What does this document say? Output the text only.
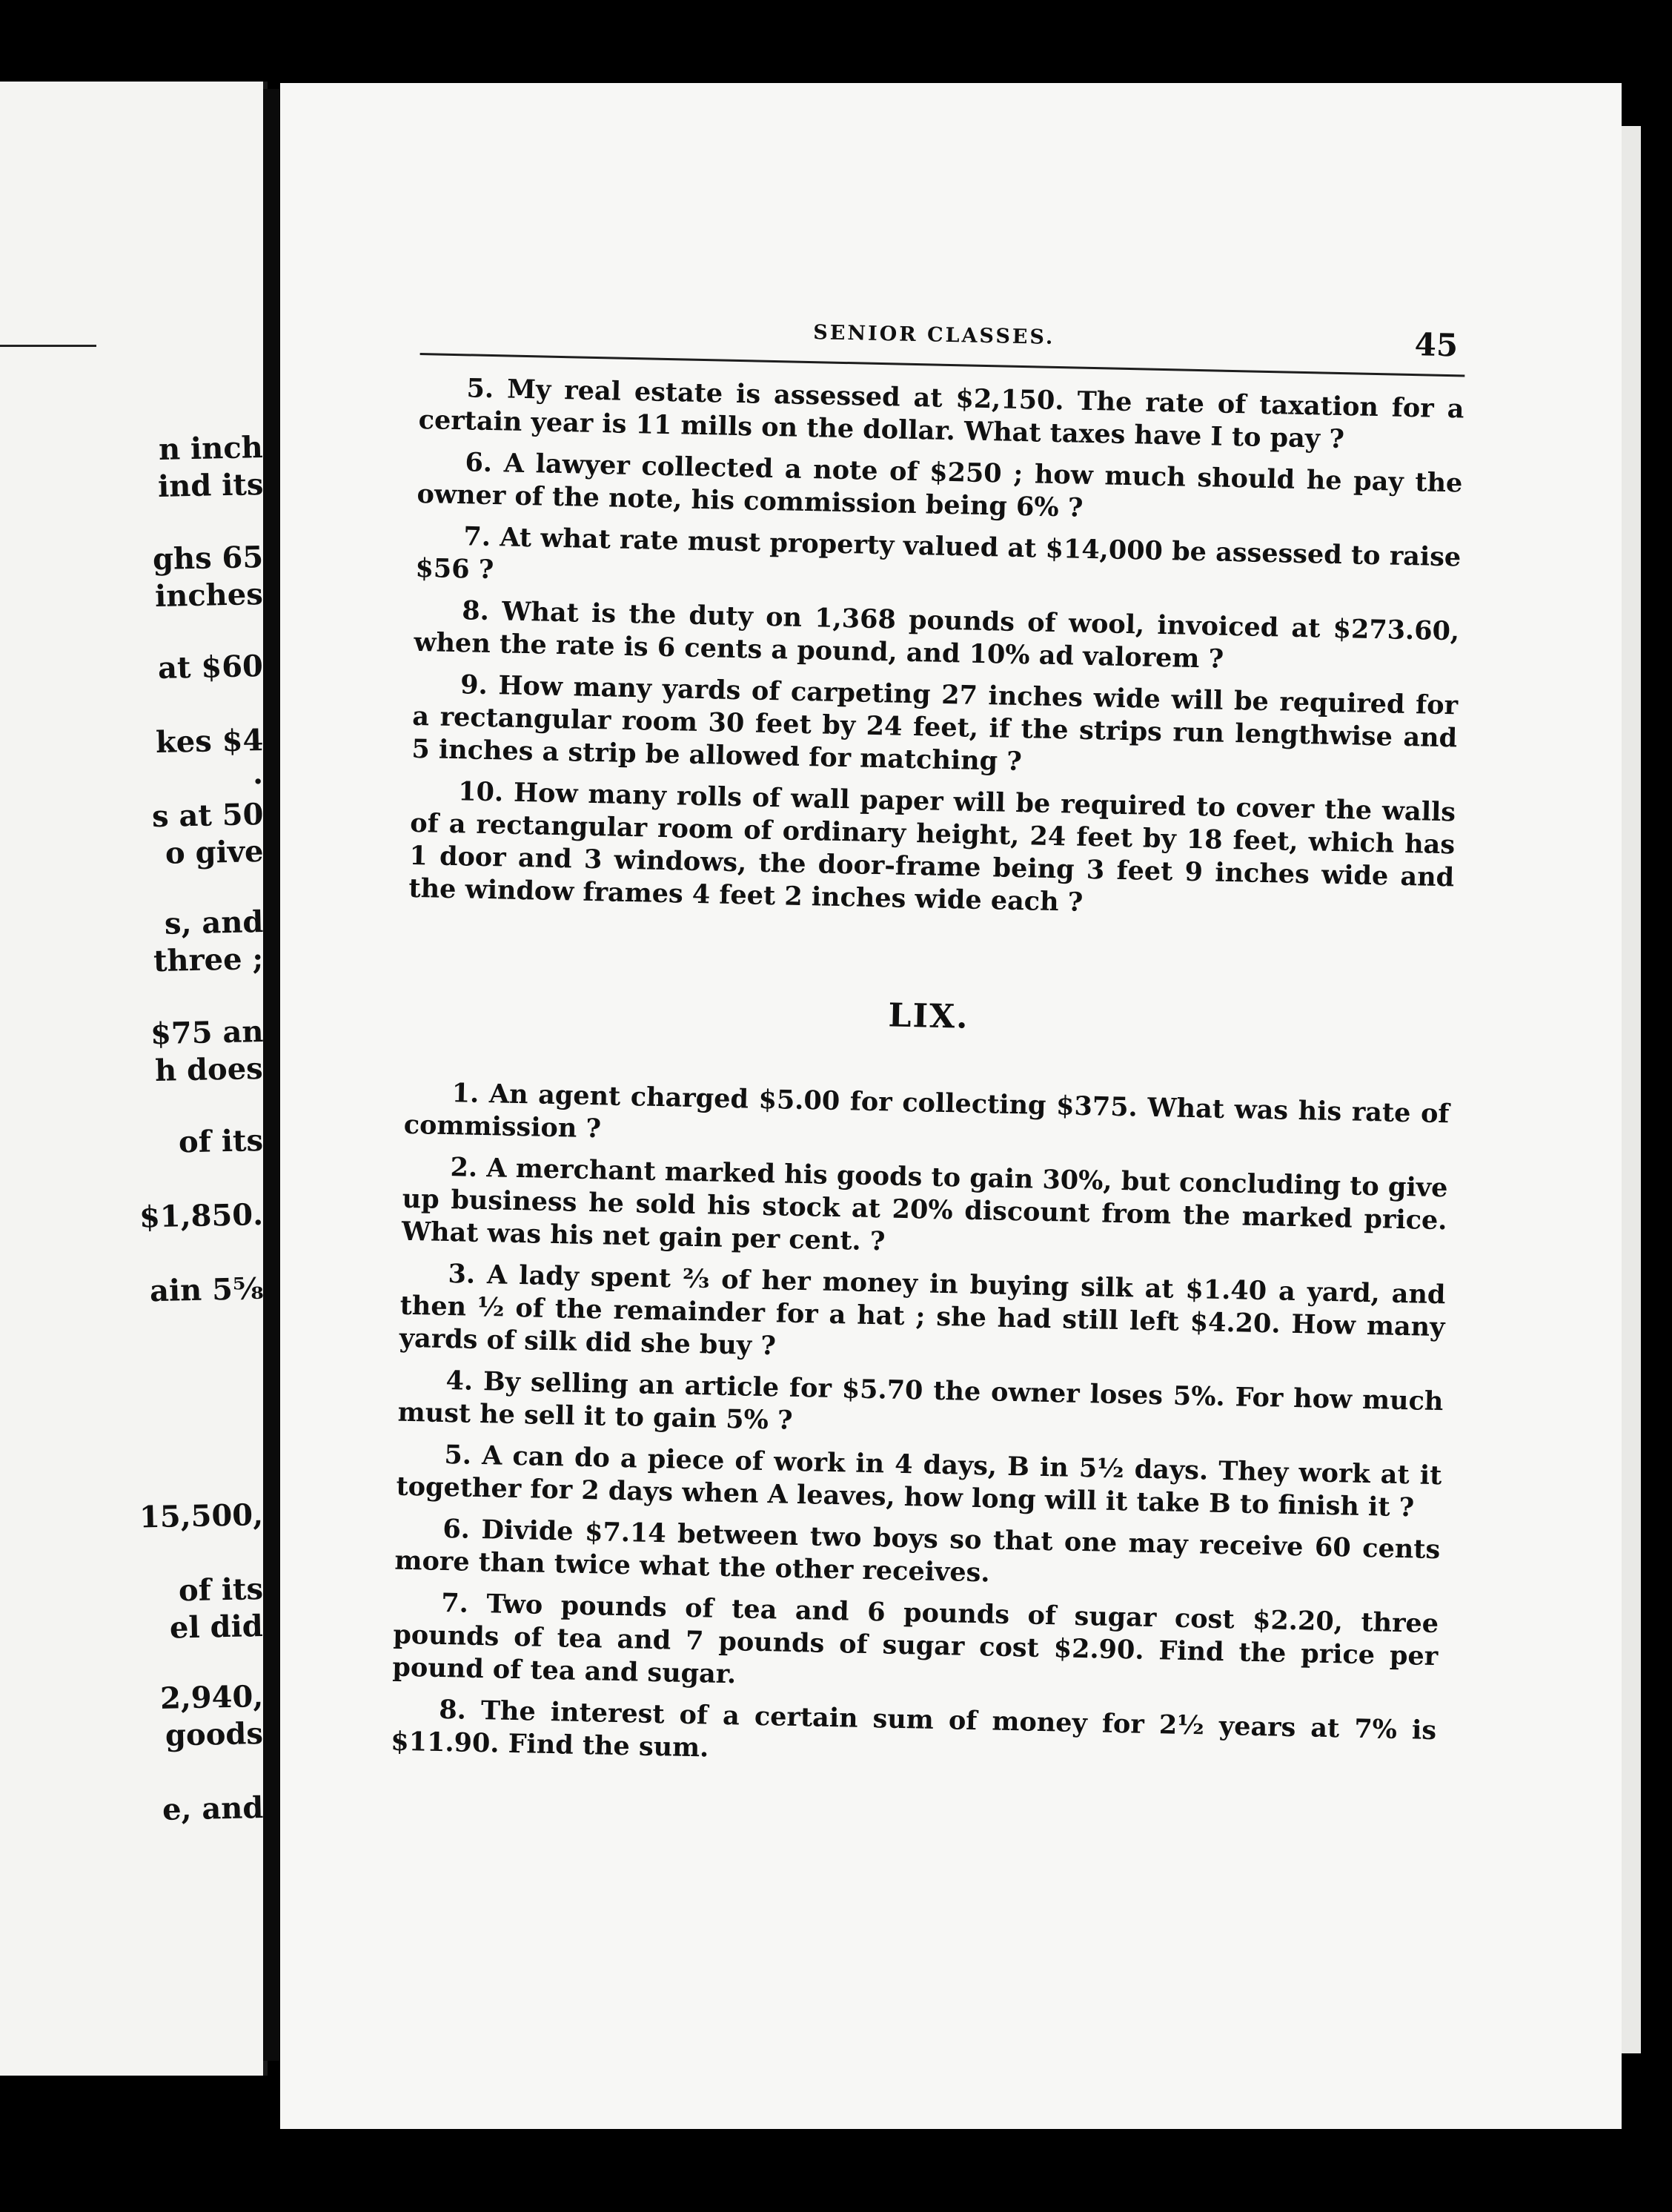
n inch
ind its
ghs 65
inches
at $60
kes $4
.
s at 50
o give
s, and
three ;
$75 an
h does
of its
$1,850.
ain 5⅝
15,500,
of its
el did
2,940,
goods
e, and
SENIOR CLASSES.	45

5. My real estate is assessed at $2,150. The rate of taxation for a certain year is 11 mills on the dollar. What taxes have I to pay ?

6. A lawyer collected a note of $250 ; how much should he pay the owner of the note, his commission being 6% ?

7. At what rate must property valued at $14,000 be assessed to raise $56 ?

8. What is the duty on 1,368 pounds of wool, invoiced at $273.60, when the rate is 6 cents a pound, and 10% ad valorem ?

9. How many yards of carpeting 27 inches wide will be required for a rectangular room 30 feet by 24 feet, if the strips run lengthwise and 5 inches a strip be allowed for matching ?

10. How many rolls of wall paper will be required to cover the walls of a rectangular room of ordinary height, 24 feet by 18 feet, which has 1 door and 3 windows, the door-frame being 3 feet 9 inches wide and the window frames 4 feet 2 inches wide each ?

LIX.

1. An agent charged $5.00 for collecting $375. What was his rate of commission ?

2. A merchant marked his goods to gain 30%, but concluding to give up business he sold his stock at 20% discount from the marked price. What was his net gain per cent. ?

3. A lady spent ⅔ of her money in buying silk at $1.40 a yard, and then ½ of the remainder for a hat ; she had still left $4.20. How many yards of silk did she buy ?

4. By selling an article for $5.70 the owner loses 5%. For how much must he sell it to gain 5% ?

5. A can do a piece of work in 4 days, B in 5½ days. They work at it together for 2 days when A leaves, how long will it take B to finish it ?

6. Divide $7.14 between two boys so that one may receive 60 cents more than twice what the other receives.

7. Two pounds of tea and 6 pounds of sugar cost $2.20, three pounds of tea and 7 pounds of sugar cost $2.90. Find the price per pound of tea and sugar.

8. The interest of a certain sum of money for 2½ years at 7% is $11.90. Find the sum.
